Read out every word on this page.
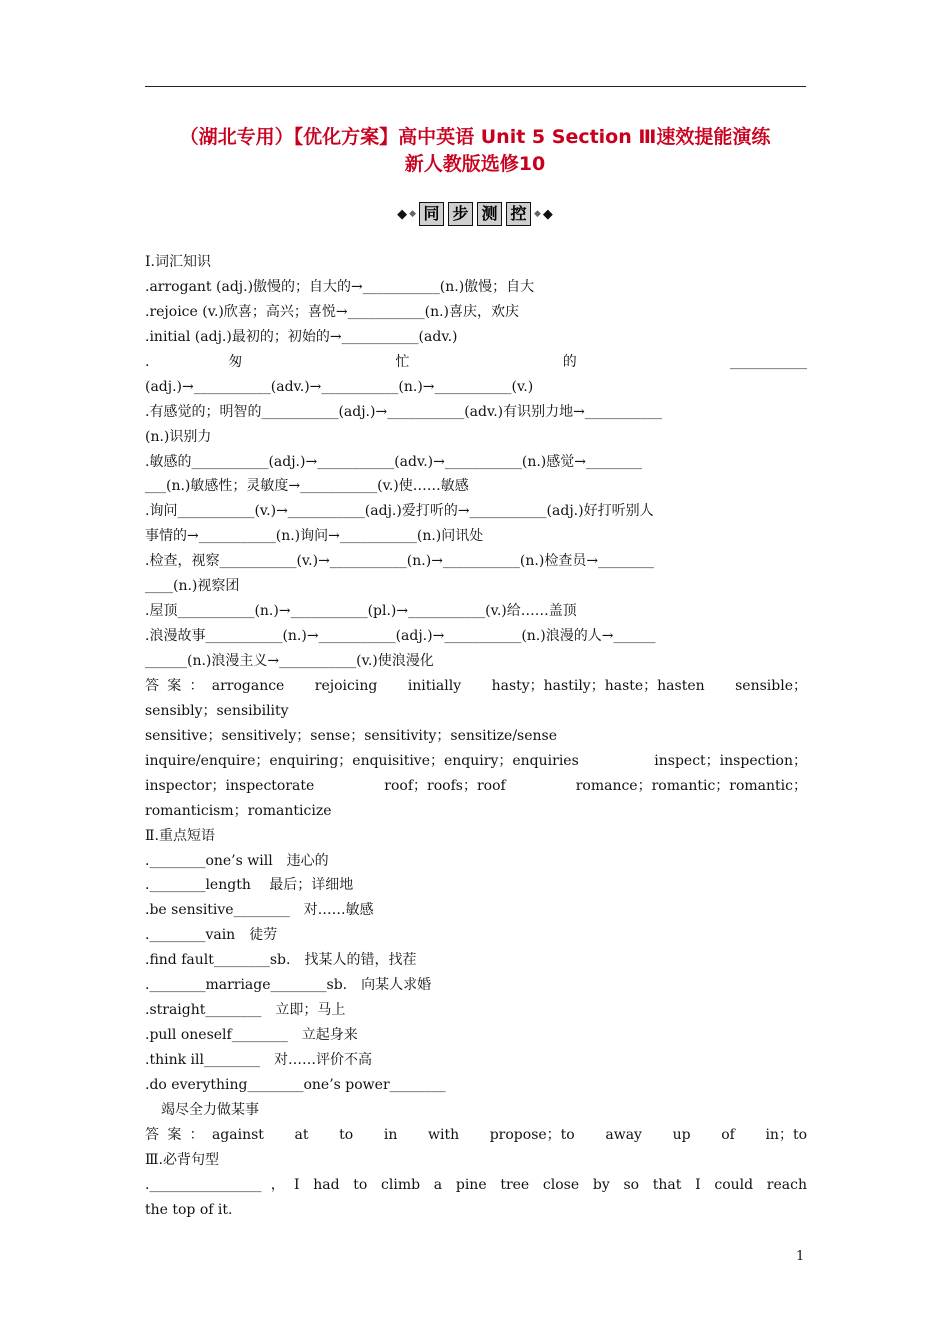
（湖北专用）【优化方案】高中英语 Unit 5 Section Ⅲ速效提能演练
新人教版选修10
◆ ◆ 同 步 测 控 ◆ ◆
Ⅰ.词汇知识
.arrogant (adj.)傲慢的；自大的→___________(n.)傲慢；自大
.rejoice (v.)欣喜；高兴；喜悦→___________(n.)喜庆，欢庆
.initial (adj.)最初的；初始的→___________(adv.)
. 匆 忙 的 ___________
(adj.)→___________(adv.)→___________(n.)→___________(v.)
.有感觉的；明智的___________(adj.)→___________(adv.)有识别力地→___________
(n.)识别力
.敏感的___________(adj.)→___________(adv.)→___________(n.)感觉→________
___(n.)敏感性；灵敏度→___________(v.)使……敏感
.询问___________(v.)→___________(adj.)爱打听的→___________(adj.)好打听别人
事情的→___________(n.)询问→___________(n.)问讯处
.检查，视察___________(v.)→___________(n.)→___________(n.)检查员→________
____(n.)视察团
.屋顶___________(n.)→___________(pl.)→___________(v.)给……盖顶
.浪漫故事___________(n.)→___________(adj.)→___________(n.)浪漫的人→______
______(n.)浪漫主义→___________(v.)使浪漫化
答案：arrogance　rejoicing　initially　hasty；hastily；haste；hasten　sensible；
sensibly；sensibility
sensitive；sensitively；sense；sensitivity；sensitize/sense
inquire/enquire；enquiring；enquisitive；enquiry；enquiries　inspect；inspection；
inspector；inspectorate　roof；roofs；roof　romance；romantic；romantic；
romanticism；romanticize
Ⅱ.重点短语
.________one’s will　违心的
.________length　 最后；详细地
.be sensitive________　对……敏感
.________vain　徒劳
.find fault________sb.　找某人的错，找茬
.________marriage________sb.　向某人求婚
.straight________　立即；马上
.pull oneself________　立起身来
.think ill________　对……评价不高
.do everything________one’s power________
竭尽全力做某事
答案：against　at　to　in　with　propose；to　away　up　of　in；to
Ⅲ.必背句型
.________________，I had to climb a pine tree close by so that I could reach
the top of it.
1
